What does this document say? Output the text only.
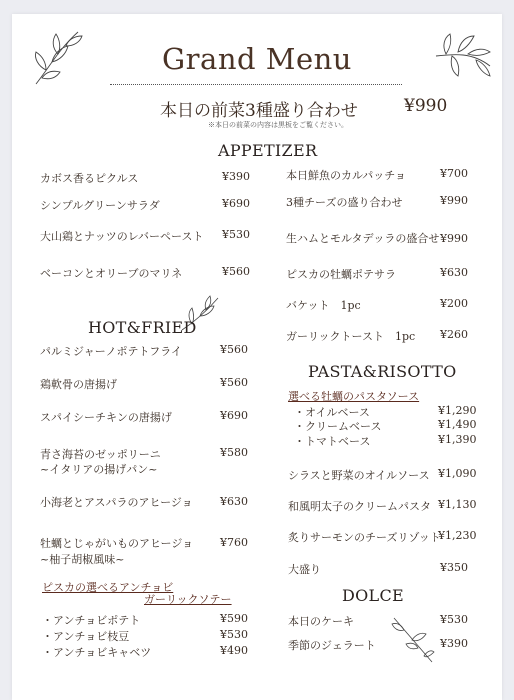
Grand Menu
本日の前菜3種盛り合わせ	¥990
※本日の前菜の内容は黒板をご覧ください。
APPETIZER
カボス香るピクルス	¥390
シンプルグリーンサラダ	¥690
大山鶏とナッツのレバーペースト ¥530
ベーコンとオリーブのマリネ	¥560
本日鮮魚のカルパッチョ	¥700
3種チーズの盛り合わせ	¥990
生ハムとモルタデッラの盛合せ ¥990
ピスカの牡蠣ポテサラ	¥630
バケット　1pc	¥200
ガーリックトースト　1pc ¥260
HOT&FRIED
パルミジャーノポテトフライ	¥560
鶏軟骨の唐揚げ	¥560
スパイシーチキンの唐揚げ	¥690
青さ海苔のゼッポリーニ
~イタリアの揚げパン~
¥580
小海老とアスパラのアヒージョ ¥630
牡蠣とじゃがいものアヒージョ
~柚子胡椒風味~
¥760
ピスカの選べるアンチョビ
ガーリックソテー
・アンチョビポテト	¥590
・アンチョビ枝豆	¥530
・アンチョビキャベツ	¥490
PASTA&RISOTTO
選べる牡蠣のパスタソース
・オイルベース	¥1,290
・クリームベース	¥1,490
・トマトベース	¥1,390
シラスと野菜のオイルソース ¥1,090
和風明太子のクリームパスタ ¥1,130
炙りサーモンのチーズリゾット
¥1,230
大盛り	¥350
DOLCE
本日のケーキ	¥530
季節のジェラート	¥390
